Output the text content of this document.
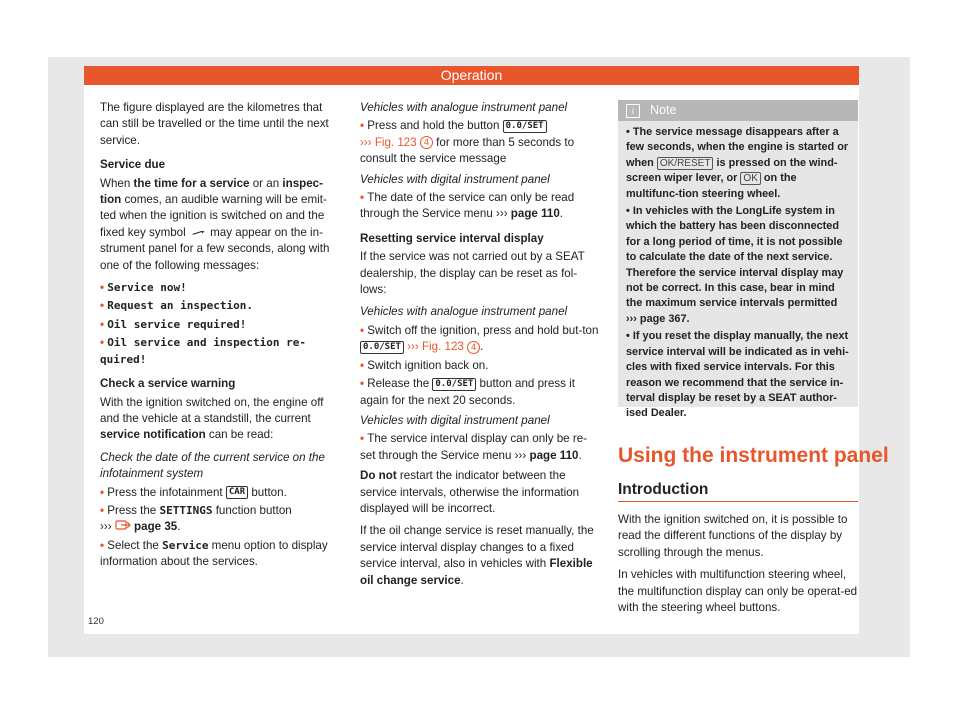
Operation

The figure displayed are the kilometres that can still be travelled or the time until the next service.

Service due

When the time for a service or an inspec-tion comes, an audible warning will be emit-ted when the ignition is switched on and the fixed key symbol  may appear on the in-strument panel for a few seconds, along with one of the following messages:

• Service now!
• Request an inspection.
• Oil service required!
• Oil service and inspection re-quired!
Check a service warning

With the ignition switched on, the engine off and the vehicle at a standstill, the current service notification can be read:

Check the date of the current service on the infotainment system
• Press the infotainment CAR button.
• Press the SETTINGS function button
›››  page 35.
• Select the Service menu option to display information about the services.
Vehicles with analogue instrument panel
• Press and hold the button 0.0/SET
››› Fig. 123 4 for more than 5 seconds to consult the service message
Vehicles with digital instrument panel
• The date of the service can only be read through the Service menu ››› page 110.
Resetting service interval display

If the service was not carried out by a SEAT dealership, the display can be reset as fol-lows:

Vehicles with analogue instrument panel
• Switch off the ignition, press and hold but-ton 0.0/SET ››› Fig. 123 4 .
• Switch ignition back on.
• Release the 0.0/SET button and press it again for the next 20 seconds.
Vehicles with digital instrument panel
• The service interval display can only be re-set through the Service menu ››› page 110.

Do not restart the indicator between the service intervals, otherwise the information displayed will be incorrect.

If the oil change service is reset manually, the service interval display changes to a fixed service interval, also in vehicles with Flexible oil change service.

i Note

• The service message disappears after a few seconds, when the engine is started or when OK/RESET is pressed on the wind-screen wiper lever, or OK on the multifunc-tion steering wheel.

• In vehicles with the LongLife system in which the battery has been disconnected for a long period of time, it is not possible to calculate the date of the next service. Therefore the service interval display may not be correct. In this case, bear in mind the maximum service intervals permitted
››› page 367.

• If you reset the display manually, the next service interval will be indicated as in vehi-cles with fixed service intervals. For this reason we recommend that the service in-terval display be reset by a SEAT author-ised Dealer.

Using the instrument panel
Introduction

With the ignition switched on, it is possible to read the different functions of the display by scrolling through the menus.

In vehicles with multifunction steering wheel, the multifunction display can only be operat-ed with the steering wheel buttons.

120
